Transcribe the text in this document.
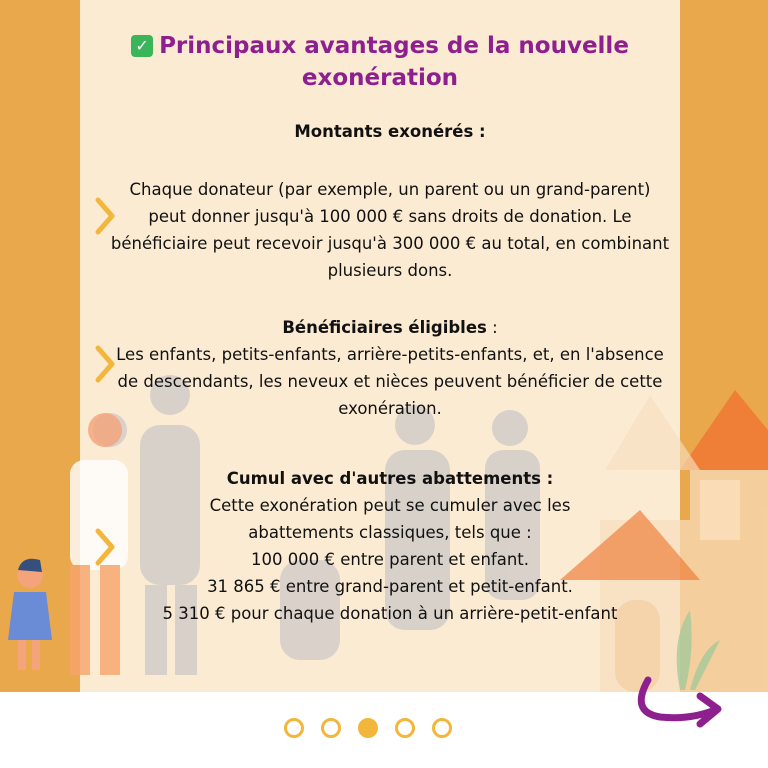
✓ Principaux avantages de la nouvelle exonération
Montants exonérés :
Chaque donateur (par exemple, un parent ou un grand-parent) peut donner jusqu'à 100 000 € sans droits de donation. Le bénéficiaire peut recevoir jusqu'à 300 000 € au total, en combinant plusieurs dons.
Bénéficiaires éligibles :
Les enfants, petits-enfants, arrière-petits-enfants, et, en l'absence de descendants, les neveux et nièces peuvent bénéficier de cette exonération.
Cumul avec d'autres abattements :
Cette exonération peut se cumuler avec les abattements classiques, tels que :
100 000 € entre parent et enfant.
31 865 € entre grand-parent et petit-enfant.
5 310 € pour chaque donation à un arrière-petit-enfant
